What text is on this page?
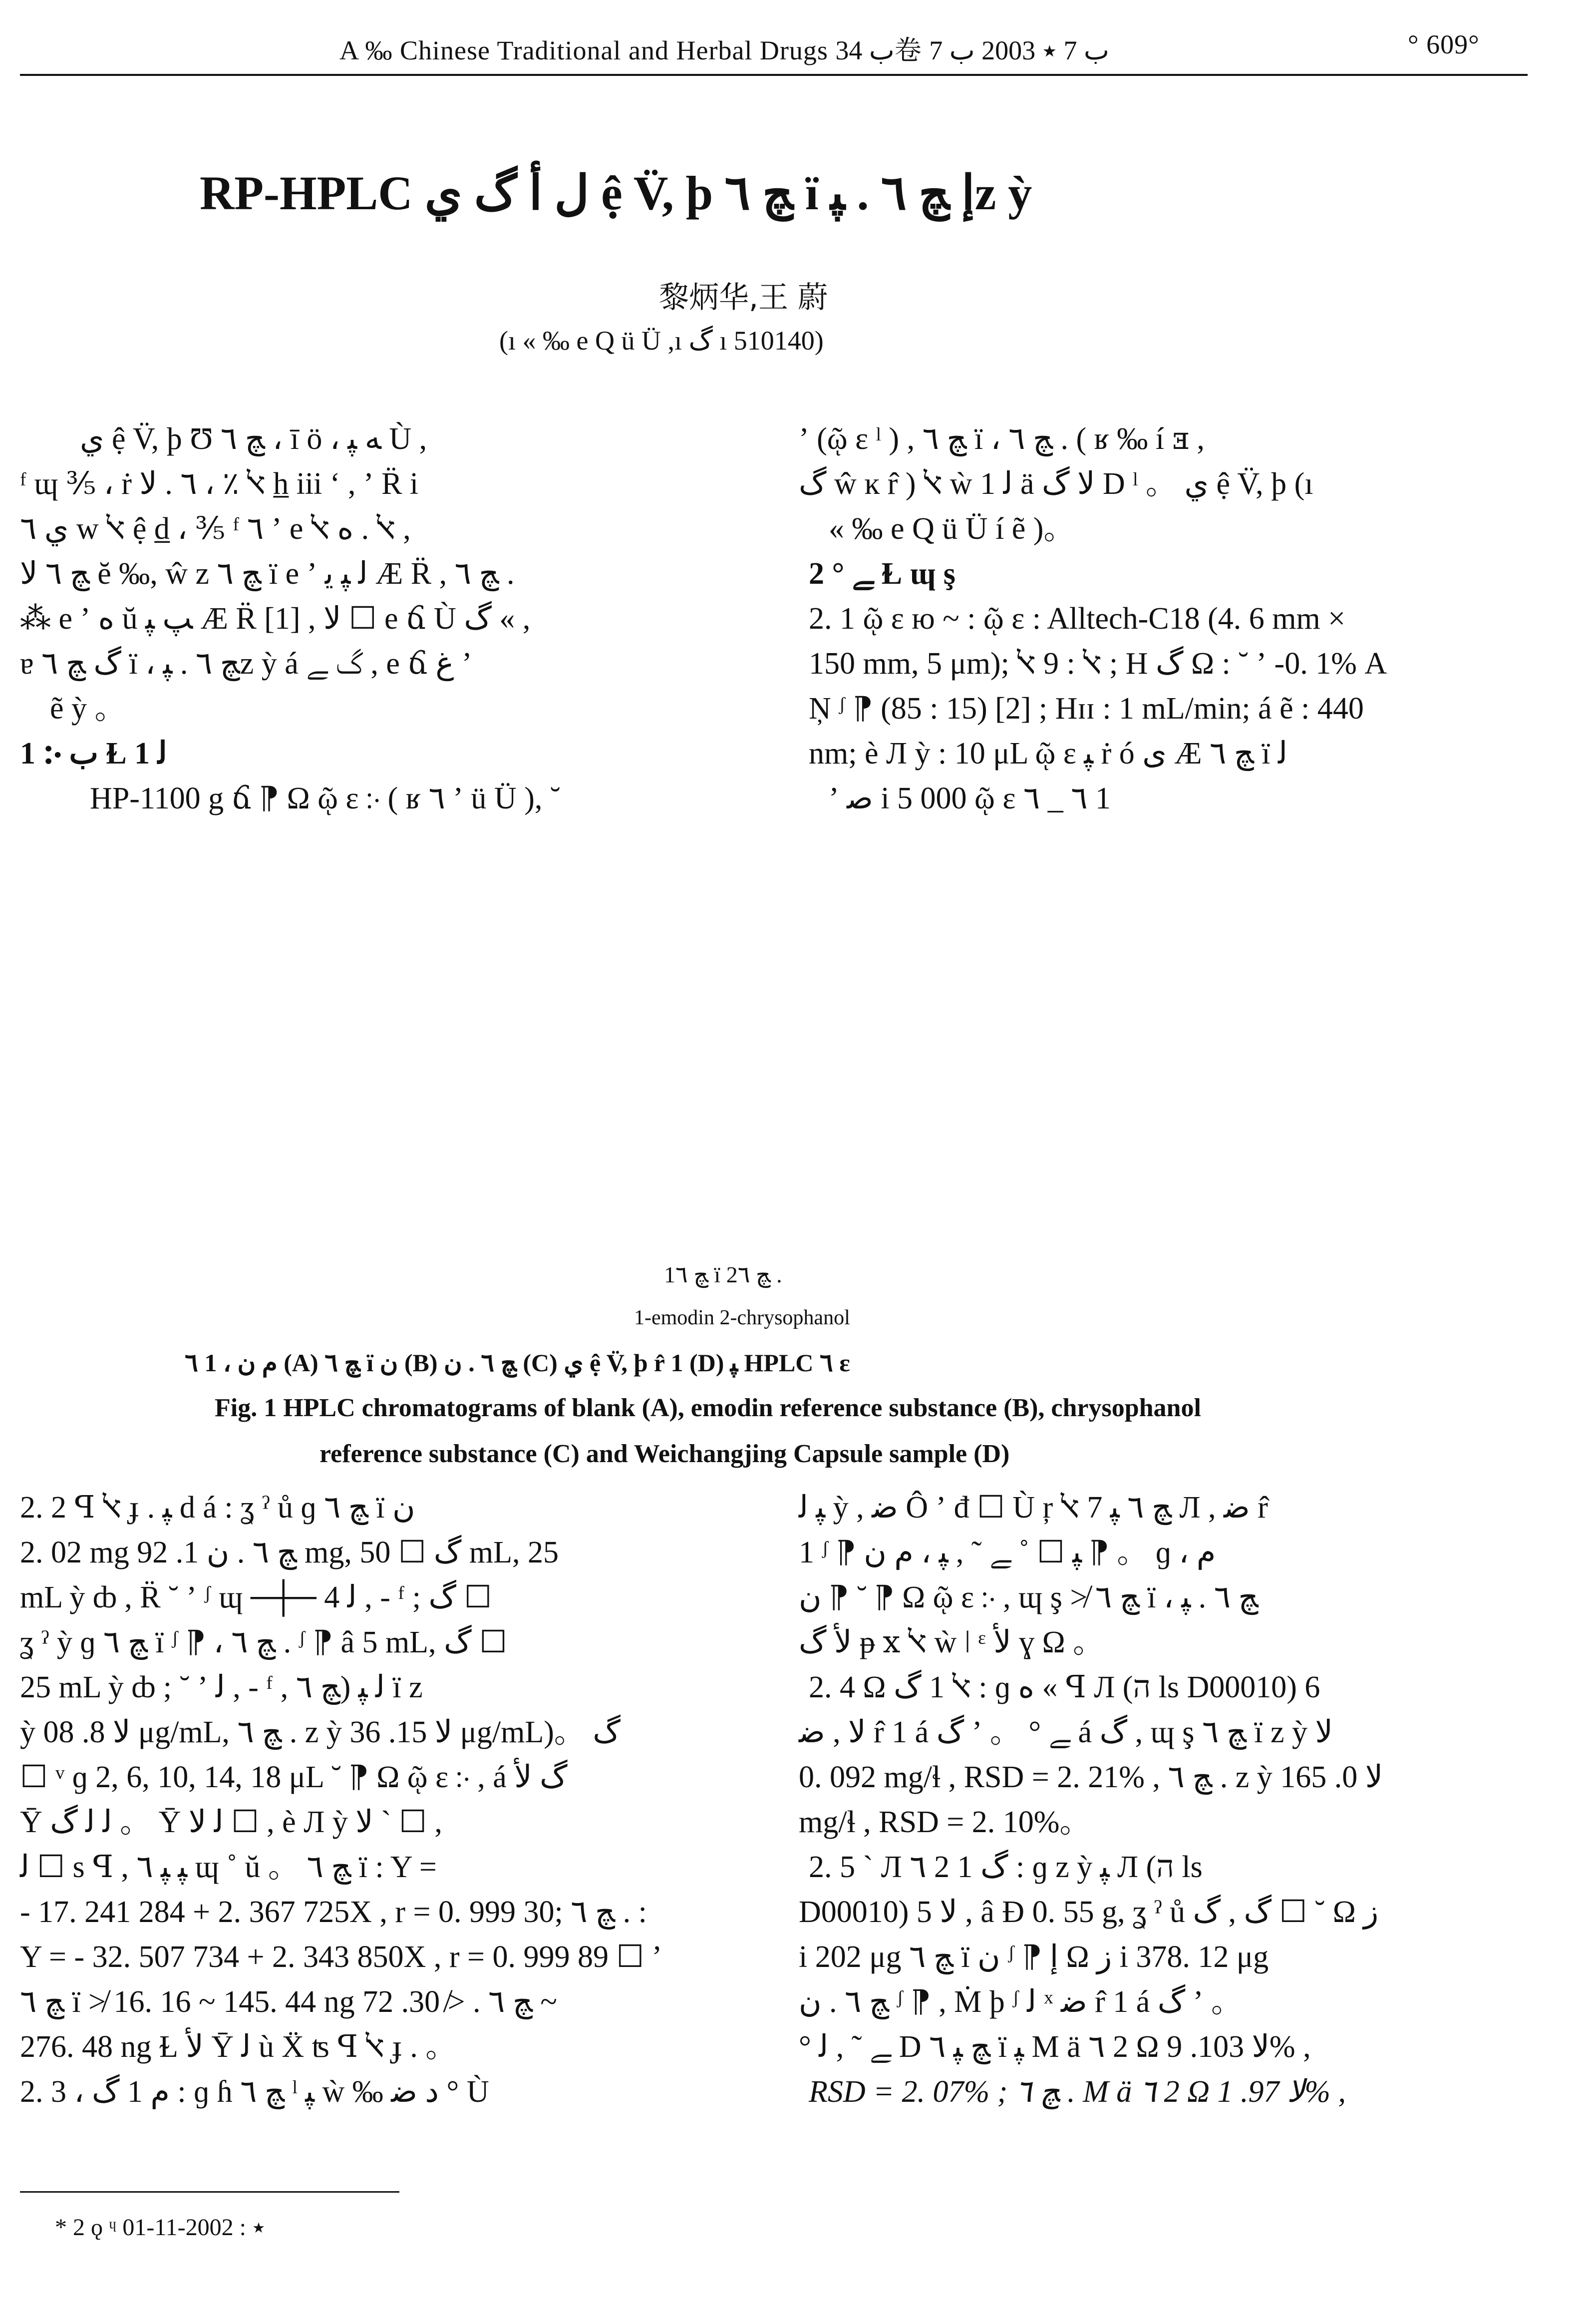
A ‰ Chinese Traditional and Herbal Drugs ب 34卷 ب 7 ٭ 2003 ب 7	° 609°
RP-HPLC ل أ گ ي ệ V̈, þ ﭻ ٦ ï ﺇ ﭻ ٦ . ﭙz ỳ
黎炳华,王 蔚
(ı « ‰ e Q ü Ü ,ı گ ı 510140)

ي ệ V̈, þ Ʊ ﭻ ٦ ، ī ö ، ﻪ ﭙ Ù ,

ᶠ ɰ ⅗ ، ṙ ﭏ ٪ ، ٦ . ﻻ h̲ iii ʻ , ʼ R̈ i

ي ٦ w ﭏ ệ d̲ ، ⅗ ᶠ ٦ ʼ e ﭏ . ه ﭏ ,

ﭻ ٦ ﻻ ĕ ‰, ŵ z ﭻ ٦ ï e ʼ ﻟ ﭙ ﯾ Æ R̈ , ﭻ ٦ .

⁂ e ʼ ﻩ ŭ ﭗ ﭙ Æ R̈ [1] , ﻻ ☐ e ճ Ù ﮒ « ,

ɐ گ ﭻ ٦ ï ، ﭻ ٦ . ﭙz ỳ á گ ﮯ , e ճ ﻍ ʼ

ẽ ỳ 。

1 ჻ ب Ɫ 1 ﻟ

HP-1100 g ճ ⁋ Ω ῷ ɛ ჻ ( ʁ ٦ ʼ ü Ü ), ˘

ʼ (ῷ ɛ ˡ ) , ﭻ ٦ ï ، ﭻ ٦ . ( ʁ ‰ í ⱻ ,

گ ŵ ĸ r̂ ) ﭏ ẁ 1 ﻟ ä ﻻ ﮒ D ˡ 。 ي ệ V̈, þ (ı

« ‰ e Q ü Ü í ẽ )。

2 ° ﮯ Ɫ ɰ ş

2. 1 ῷ ɛ ю ~ : ῷ ɛ : Alltech-C18 (4. 6 mm ×

150 mm, 5 μm); ﭏ : 9 ﭏ ; H گ Ω : ˘ ʼ -0. 1% A

Ņ ᶴ ⁋ (85 : 15) [2] ; Hɪɪ : 1 mL/min; á ẽ : 440

nm; è Л ỳ : 10 μL ῷ ɛ ﭙ ṙ ó ﯼ Æ ﭻ ٦ ï ﻟ

ʼ ﺻ i 5 000 ῷ ɛ ٦ _ ٦ 1

1ﭻ ٦ ï 2ﭻ ٦ .
1-emodin 2-chrysophanol
٦ 1 ، ﻡ ﻥ (A) ﭻ ٦ ï ﻥ (B) ﭻ ٦ . ﻥ (C) ي ệ V̈, þ r̂ 1 (D) ﭙ HPLC ٦ ɛ
Fig. 1 HPLC chromatograms of blank (A), emodin reference substance (B), chrysophanol
reference substance (C) and Weichangjing Capsule sample (D)

2. 2 ꟼ ﭏ ɟ . ﭙ d á : ʓ ˀ ů ɡ ﭻ ٦ ï ﻥ

2. 02 mg ﭻ ٦ . ﻥ 1. 92 mg, ﮒ ☐ 50 mL, 25

mL ỳ ȸ , R̈ ˘ ʼ ᶴ ɰ ─┼─ 4 ﻟ , - ᶠ ; ﮒ ☐

ʓ ˀ ỳ ɡ ﭻ ٦ ï ᶴ ⁋ ، ﭻ ٦ . ᶴ ⁋ â 5 mL, ﮒ ☐

25 mL ỳ ȸ ; ˘ ʼ ﻟ , - ᶠ , ﻟ ﭙ (ﭻ ٦ ï z

ỳ ﻻ 8. 08 μg/mL, ﭻ ٦ . z ỳ ﻻ 15. 36 μg/mL)。 ﮒ

☐ ᵛ ɡ 2, 6, 10, 14, 18 μL ˘ ⁋ Ω ῷ ɛ ჻ , á گ ﻷ

Ȳ ﻟ ﻟ ﮒ 。 Ȳ ﻟ ﻻ ☐ , è Л ỳ ﻻ ˋ ☐ ,

ﻟ ☐ s ꟼ , ﭙ ﭙ ٦ ɰ ˚ ŭ 。 ﭻ ٦ ï : Y =

- 17. 241 284 + 2. 367 725X , r = 0. 999 30; ﭻ ٦ . :

Y = - 32. 507 734 + 2. 343 850X , r = 0. 999 89 ☐ ʼ

ﭻ ٦ ï ≯ 16. 16 ~ 145. 44 ng ﭻ ٦ . ≯ 30. 72 ~

276. 48 ng Ɫ ﻷ Ȳ ﻟ ù Ẍ ʦ ꟼ ﭏ ɟ . 。

2. 3 ، ﻡ 1 ﮒ : ɡ ɦ ﭻ ٦ ˡ ﭙ ẁ ‰ ﺩ ﺿ ° Ù

ﭙ ﻟ ỳ , ﺿ Ô ʼ đ ☐ Ù ŗ ﭻ ٦ ﭙ 7 ﭏ Л , ﺿ r̂

1 ᶴ ⁋ ﭙ ☐ ˚ ﮯ ˜ , ﭙ ، ﻡ ﻥ ⁋ 。 ɡ ، ﻡ

ﻥ ⁋ ˘ ⁋ Ω ῷ ɛ ჻ , ɰ ş ≯ ﭻ ٦ ï ، ﭻ ٦ . ﭙ

ﻷ ﮒ ᵽ ⅹ ﭏ ẁ ǀ ᵋ ﻷ ɣ Ω 。

2. 4 Ω ﭏ 1 ﮒ : ɡ ﻩ « ꟼ Л (ﬣ ls D00010) 6

ﻻ , ﺿ r̂ 1 á گ ʼ 。 ° ﮯ á گ , ɰ ş ﭻ ٦ ï z ỳ ﻻ

0. 092 mg/ɬ , RSD = 2. 21% , ﭻ ٦ . z ỳ ﻻ 0. 165

mg/ɬ , RSD = 2. 10%。

2. 5 ˋ Л ٦ 2 1 ﮒ : ɡ z ỳ ﭙ Л (ﬣ ls

D00010) 5 ﻻ , â Ð 0. 55 g, ʓ ˀ ů گ , ﮒ ☐ ˘ Ω ﺯ

i 202 μg ﭻ ٦ ï ﻥ ᶴ ⁋ ﺇ Ω ﺯ i 378. 12 μg

ﭻ ٦ . ﻥ ᶴ ⁋ , Ṁ þ ᶴ ﻟ ˣ ﺿ r̂ 1 á گ ʼ 。

° ﮯ ˜ , ﻟ D ﭻ ﭙ ٦ ï ﭙ M ä ٦ 2 Ω ﻻ 103. 9% ,

RSD = 2. 07% ; ﭻ ٦ . M ä ٦ 2 Ω ﻻ 97. 1% ,

* 2 ǫ ᶣ ٭ : 2002-11-01
